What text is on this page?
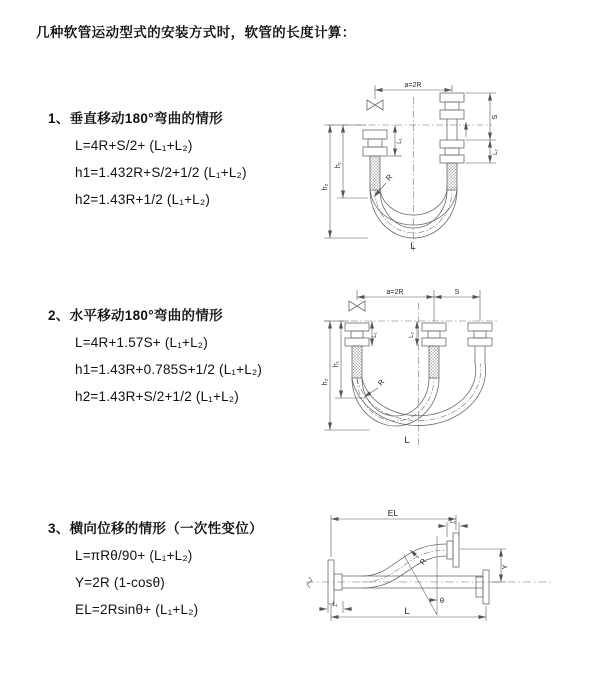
几种软管运动型式的安装方式时，软管的长度计算：
1、垂直移动180°弯曲的情形
L=4R+S/2+ (L₁+L₂)
h1=1.432R+S/2+1/2 (L₁+L₂)
h2=1.43R+1/2 (L₁+L₂)
2、水平移动180°弯曲的情形
L=4R+1.57S+ (L₁+L₂)
h1=1.43R+0.785S+1/2 (L₁+L₂)
h2=1.43R+S/2+1/2 (L₁+L₂)
3、横向位移的情形（一次性变位）
L=πRθ/90+ (L₁+L₂)
Y=2R (1-cosθ)
EL=2Rsinθ+ (L₁+L₂)
a=2R
h₂
h₁
L₁
S
L₂
R
L
a=2R	S
h₂
h₁
L₁	L₂
R
L
EL
L₂
Y
L
L₁
R
θ
